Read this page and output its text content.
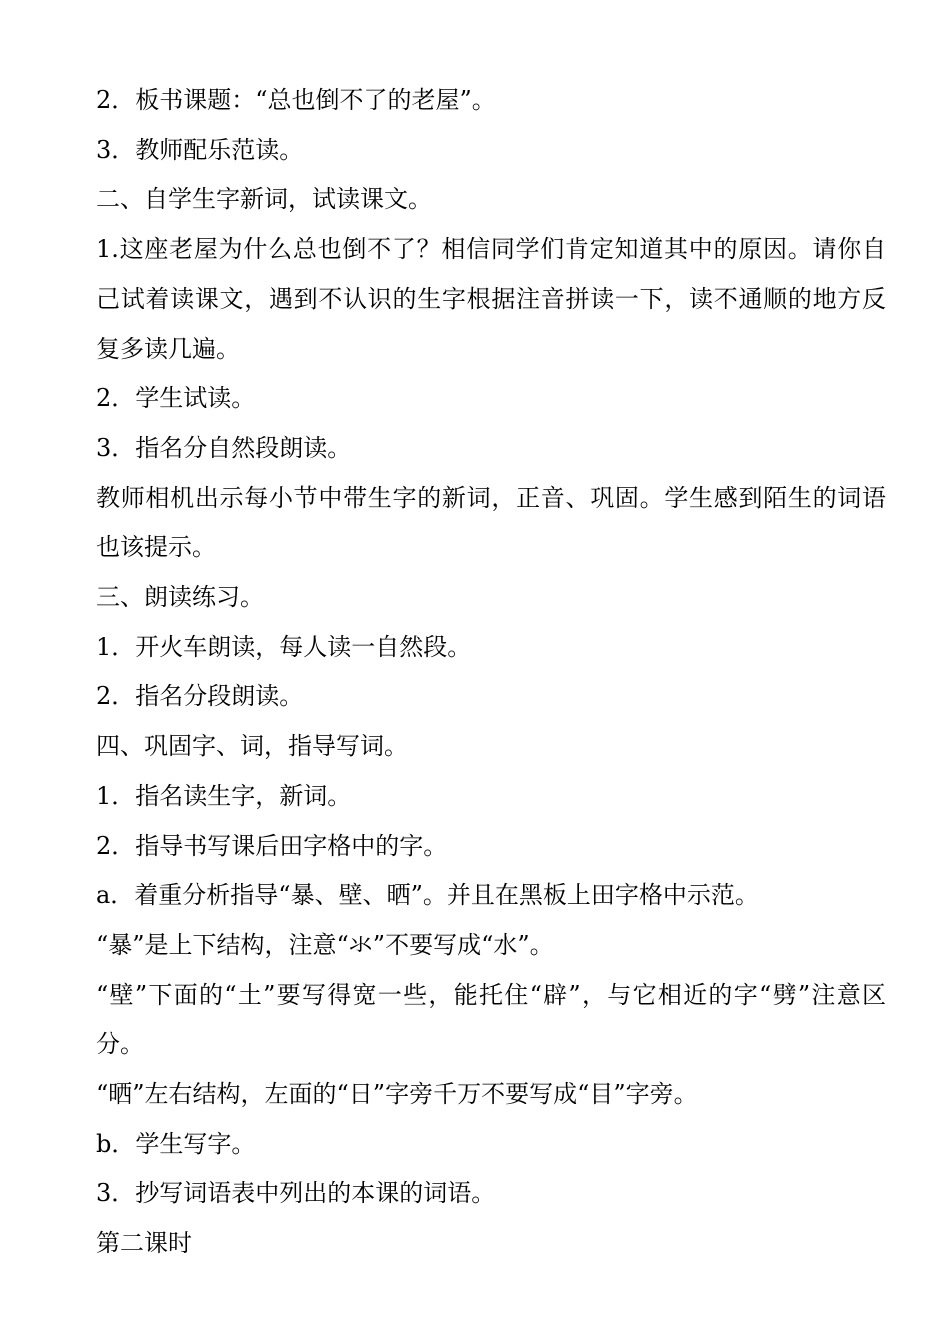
2．板书课题：“总也倒不了的老屋”。

3．教师配乐范读。

二、自学生字新词，试读课文。

1.这座老屋为什么总也倒不了？相信同学们肯定知道其中的原因。请你自己试着读课文，遇到不认识的生字根据注音拼读一下，读不通顺的地方反复多读几遍。

2．学生试读。

3．指名分自然段朗读。

教师相机出示每小节中带生字的新词，正音、巩固。学生感到陌生的词语也该提示。

三、朗读练习。

1．开火车朗读，每人读一自然段。

2．指名分段朗读。

四、巩固字、词，指导写词。

1．指名读生字，新词。

2．指导书写课后田字格中的字。

a．着重分析指导“暴、壁、晒”。并且在黑板上田字格中示范。

“暴”是上下结构，注意“氺”不要写成“水”。

“壁”下面的“土”要写得宽一些，能托住“辟”，与它相近的字“劈”注意区分。

“晒”左右结构，左面的“日”字旁千万不要写成“目”字旁。

b．学生写字。

3．抄写词语表中列出的本课的词语。

第二课时
